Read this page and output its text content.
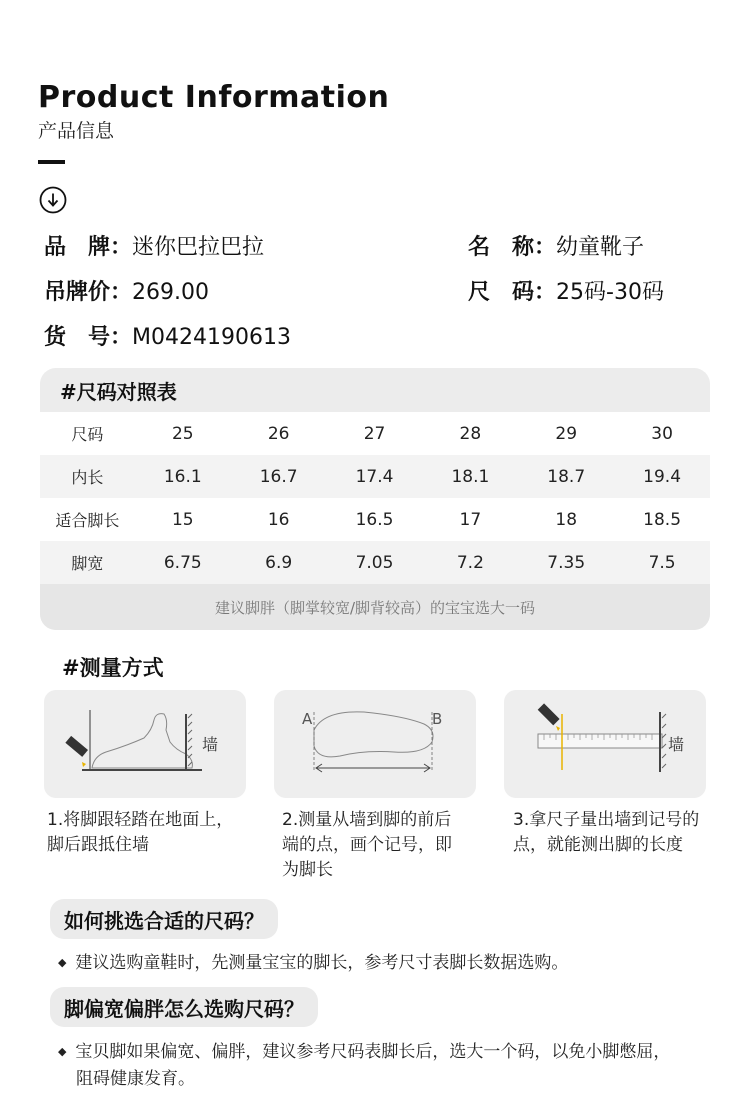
Product Information
产品信息
品　牌：迷你巴拉巴拉	名　称：幼童靴子
吊牌价：269.00	尺　码：25码-30码
货　号：M0424190613
#尺码对照表
尺码	25	26	27	28	29	30
内长	16.1	16.7	17.4	18.1	18.7	19.4
适合脚长	15	16	16.5	17	18	18.5
脚宽	6.75	6.9	7.05	7.2	7.35	7.5
建议脚胖（脚掌较宽/脚背较高）的宝宝选大一码
#测量方式
墙
A	B
墙
1.将脚跟轻踏在地面上，脚后跟抵住墙
2.测量从墙到脚的前后端的点，画个记号，即为脚长
3.拿尺子量出墙到记号的点，就能测出脚的长度
如何挑选合适的尺码？
◆ 建议选购童鞋时，先测量宝宝的脚长，参考尺寸表脚长数据选购。
脚偏宽偏胖怎么选购尺码？
◆ 宝贝脚如果偏宽、偏胖，建议参考尺码表脚长后，选大一个码，以免小脚憋屈，
阻碍健康发育。
